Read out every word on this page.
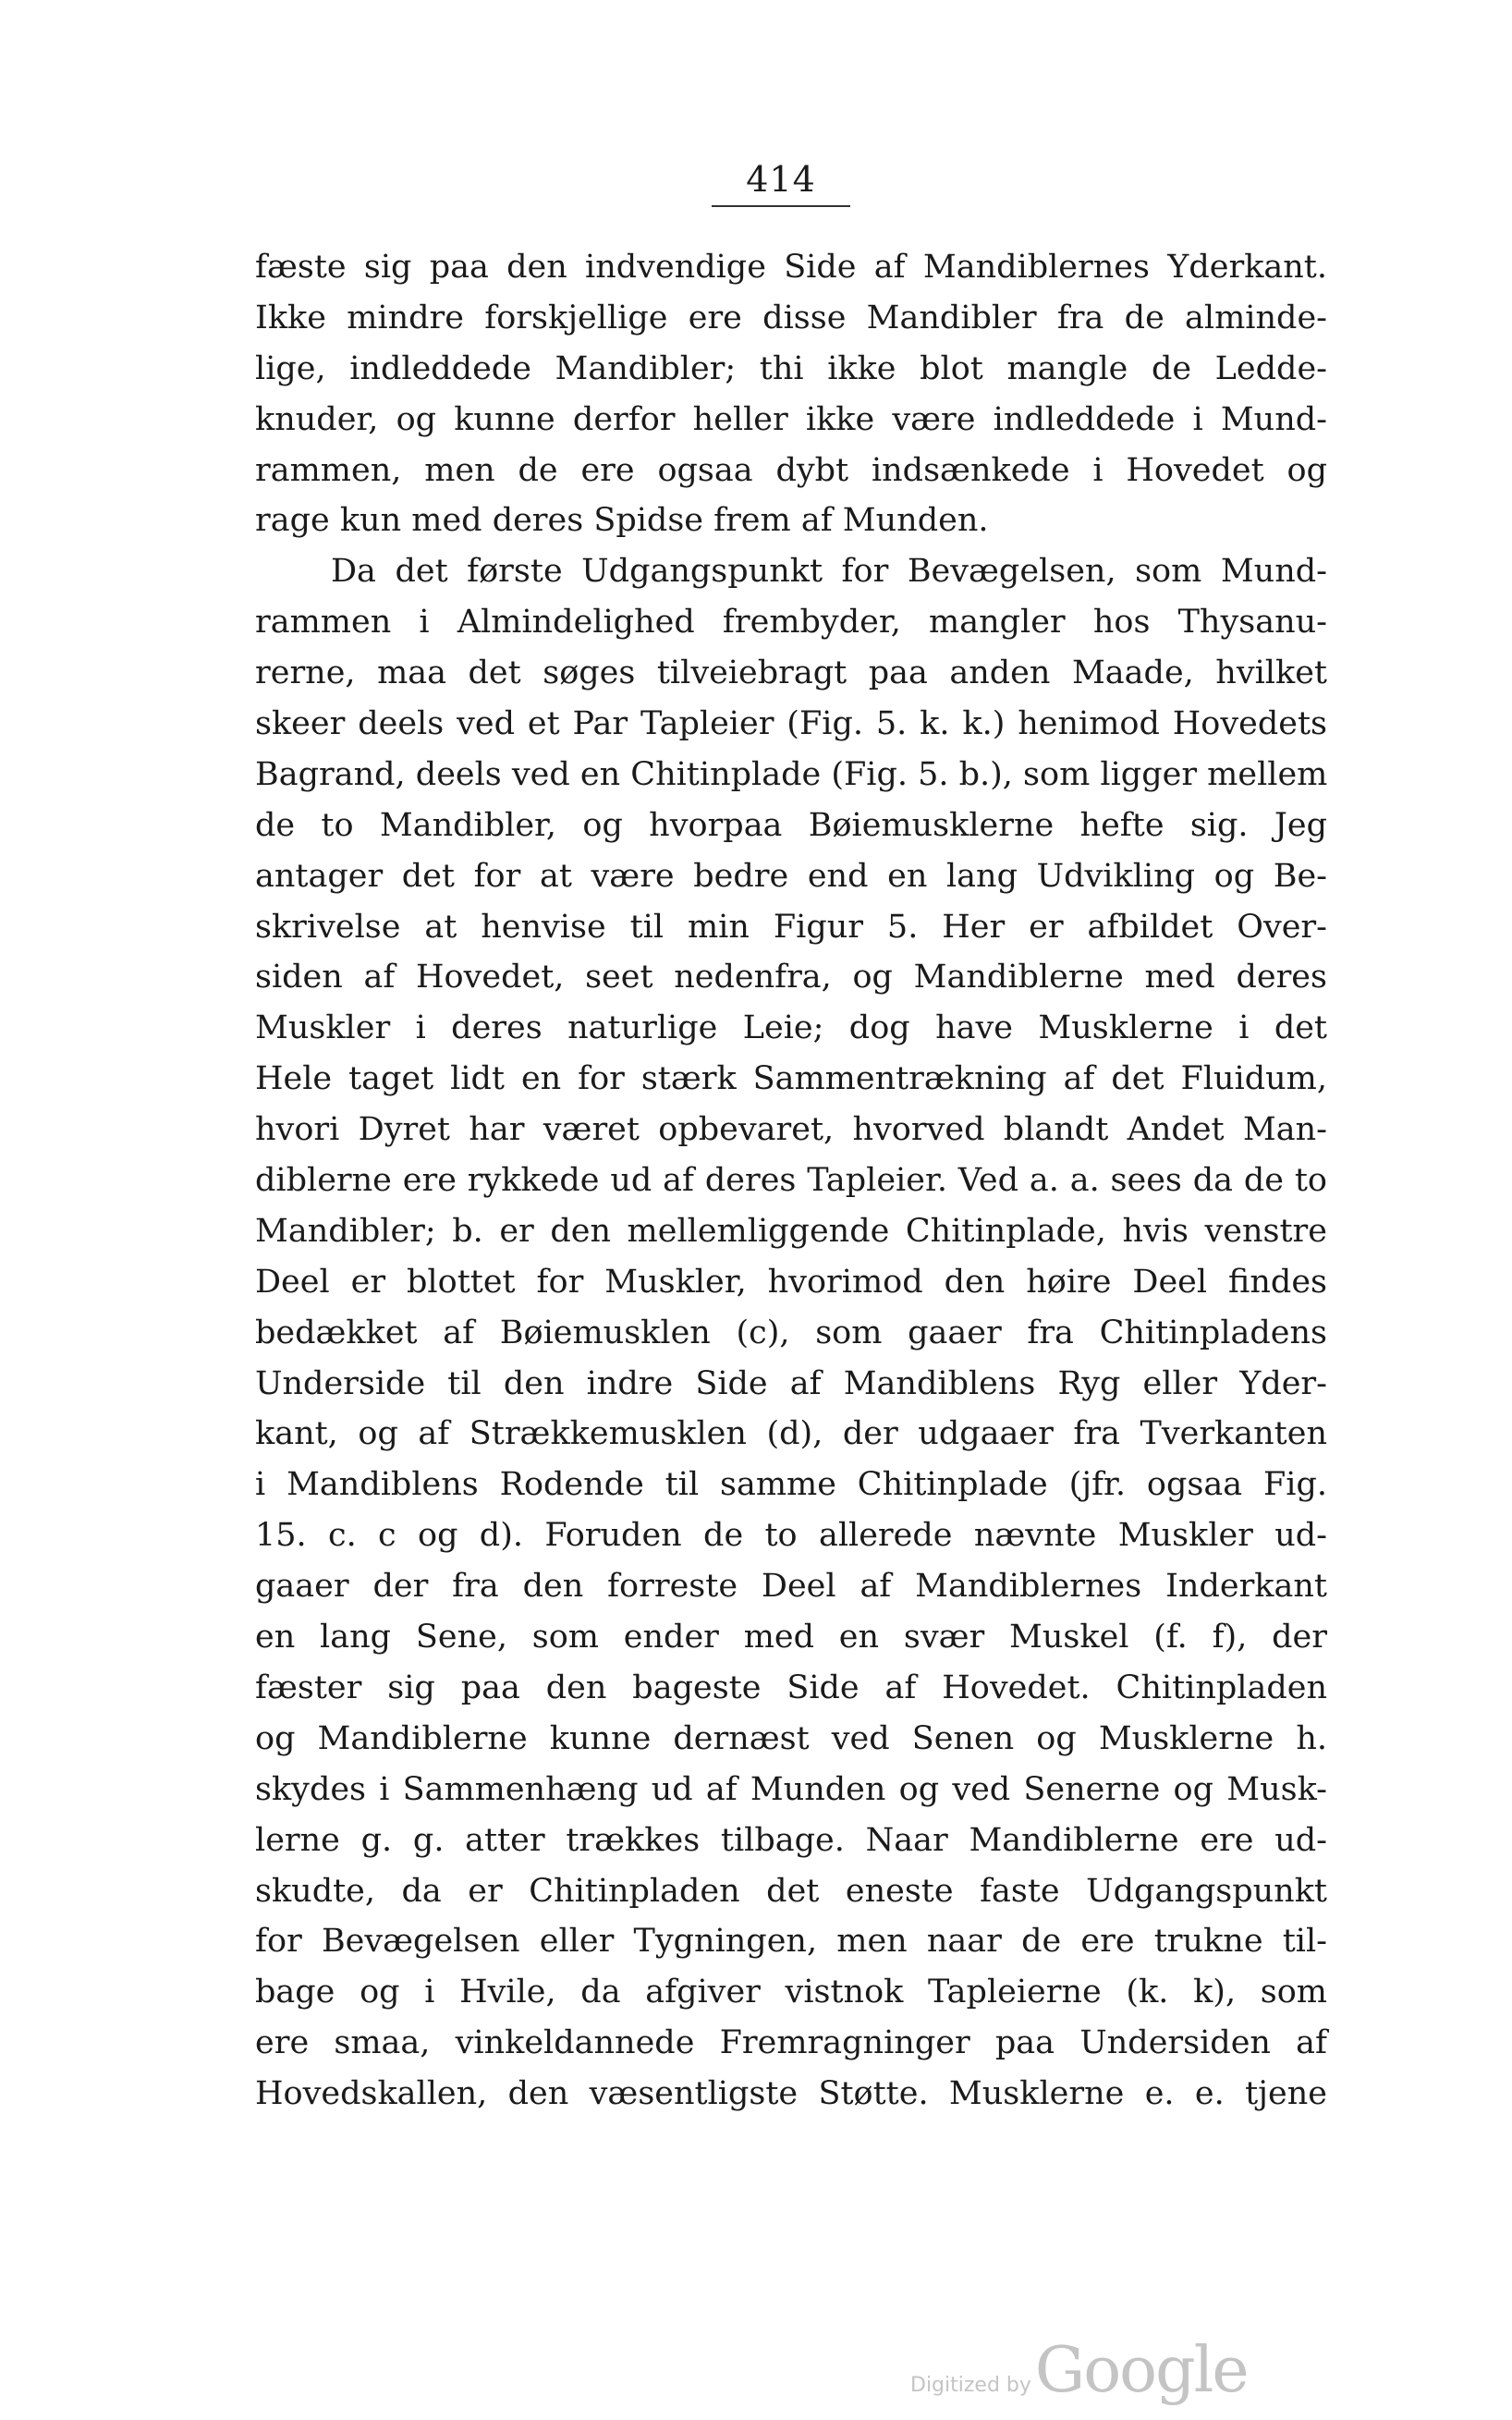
414
fæste sig paa den indvendige Side af Mandiblernes Yderkant.
Ikke mindre forskjellige ere disse Mandibler fra de alminde-
lige, indleddede Mandibler; thi ikke blot mangle de Ledde-
knuder, og kunne derfor heller ikke være indleddede i Mund-
rammen, men de ere ogsaa dybt indsænkede i Hovedet og
rage kun med deres Spidse frem af Munden.
Da det første Udgangspunkt for Bevægelsen, som Mund-
rammen i Almindelighed frembyder, mangler hos Thysanu-
rerne, maa det søges tilveiebragt paa anden Maade, hvilket
skeer deels ved et Par Tapleier (Fig. 5. k. k.) henimod Hovedets
Bagrand, deels ved en Chitinplade (Fig. 5. b.), som ligger mellem
de to Mandibler, og hvorpaa Bøiemusklerne hefte sig. Jeg
antager det for at være bedre end en lang Udvikling og Be-
skrivelse at henvise til min Figur 5. Her er afbildet Over-
siden af Hovedet, seet nedenfra, og Mandiblerne med deres
Muskler i deres naturlige Leie; dog have Musklerne i det
Hele taget lidt en for stærk Sammentrækning af det Fluidum,
hvori Dyret har været opbevaret, hvorved blandt Andet Man-
diblerne ere rykkede ud af deres Tapleier. Ved a. a. sees da de to
Mandibler; b. er den mellemliggende Chitinplade, hvis venstre
Deel er blottet for Muskler, hvorimod den høire Deel findes
bedækket af Bøiemusklen (c), som gaaer fra Chitinpladens
Underside til den indre Side af Mandiblens Ryg eller Yder-
kant, og af Strækkemusklen (d), der udgaaer fra Tverkanten
i Mandiblens Rodende til samme Chitinplade (jfr. ogsaa Fig.
15. c. c og d). Foruden de to allerede nævnte Muskler ud-
gaaer der fra den forreste Deel af Mandiblernes Inderkant
en lang Sene, som ender med en svær Muskel (f. f), der
fæster sig paa den bageste Side af Hovedet. Chitinpladen
og Mandiblerne kunne dernæst ved Senen og Musklerne h.
skydes i Sammenhæng ud af Munden og ved Senerne og Musk-
lerne g. g. atter trækkes tilbage. Naar Mandiblerne ere ud-
skudte, da er Chitinpladen det eneste faste Udgangspunkt
for Bevægelsen eller Tygningen, men naar de ere trukne til-
bage og i Hvile, da afgiver vistnok Tapleierne (k. k), som
ere smaa, vinkeldannede Fremragninger paa Undersiden af
Hovedskallen, den væsentligste Støtte. Musklerne e. e. tjene
Digitized by Google
